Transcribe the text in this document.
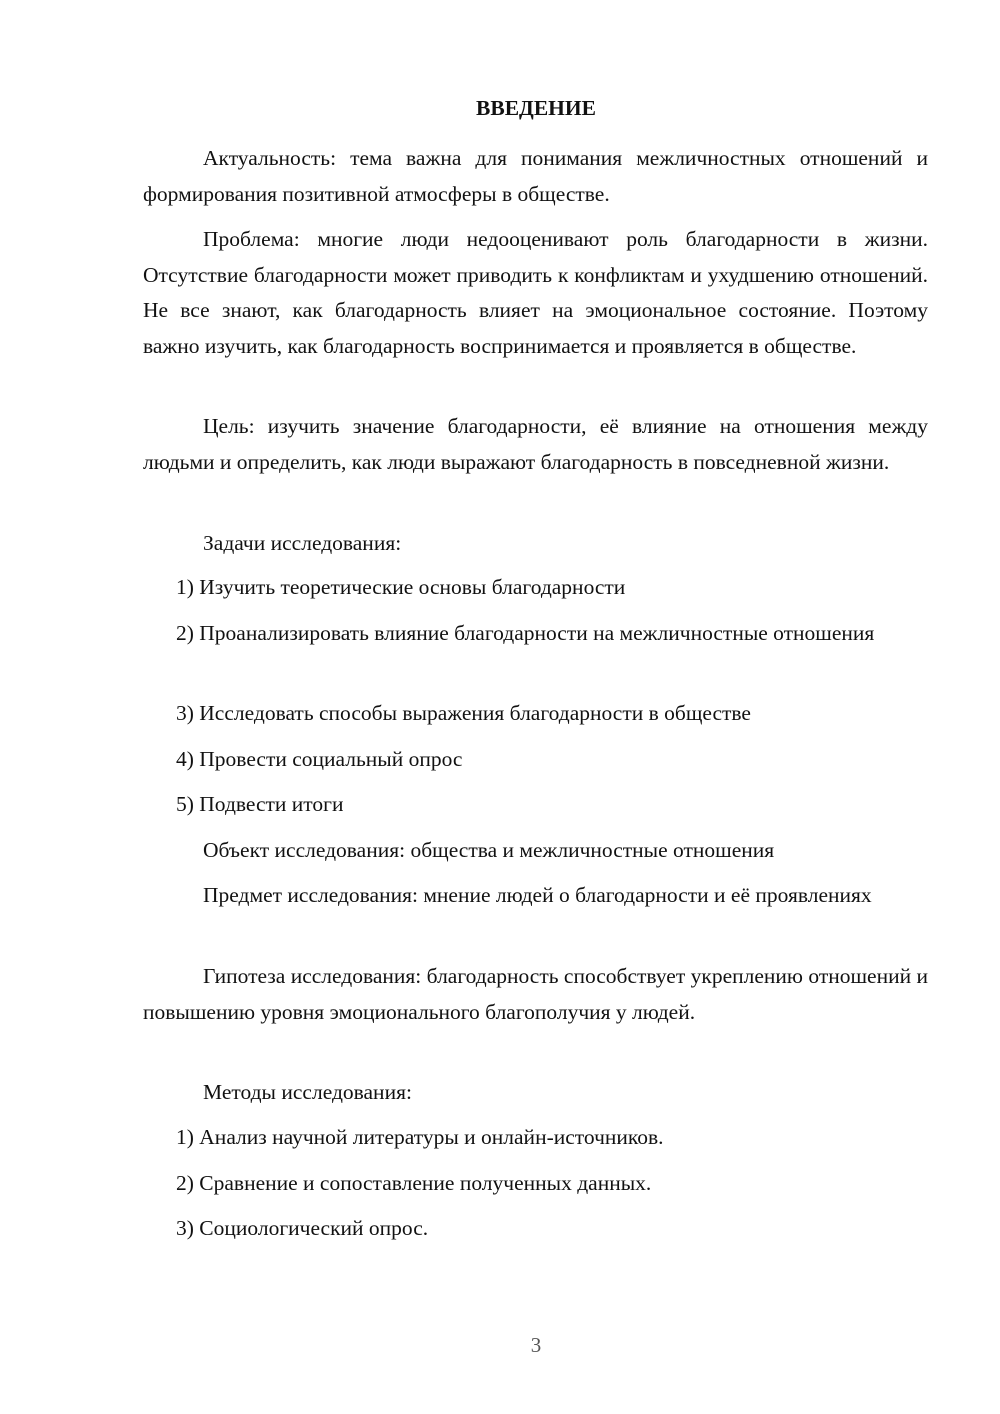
ВВЕДЕНИЕ
Актуальность: тема важна для понимания межличностных отношений и формирования позитивной атмосферы в обществе.
Проблема: многие люди недооценивают роль благодарности в жизни. Отсутствие благодарности может приводить к конфликтам и ухудшению отношений. Не все знают, как благодарность влияет на эмоциональное состояние. Поэтому важно изучить, как благодарность воспринимается и проявляется в обществе.
Цель: изучить значение благодарности, её влияние на отношения между людьми и определить, как люди выражают благодарность в повседневной жизни.
Задачи исследования:
1) Изучить теоретические основы благодарности
2) Проанализировать влияние благодарности на межличностные отношения
3) Исследовать способы выражения благодарности в обществе
4) Провести социальный опрос
5) Подвести итоги
Объект исследования: общества и межличностные отношения
Предмет исследования: мнение людей о благодарности и её проявлениях
Гипотеза исследования: благодарность способствует укреплению отношений и повышению уровня эмоционального благополучия у людей.
Методы исследования:
1) Анализ научной литературы и онлайн-источников.
2) Сравнение и сопоставление полученных данных.
3) Социологический опрос.
3
